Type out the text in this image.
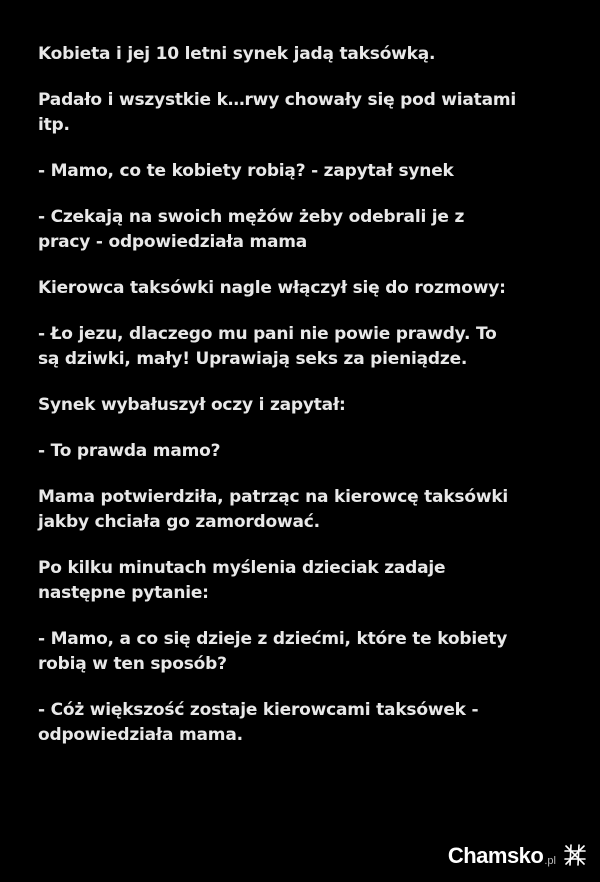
Kobieta i jej 10 letni synek jadą taksówką.

Padało i wszystkie k…rwy chowały się pod wiatami
itp.

- Mamo, co te kobiety robią? - zapytał synek

- Czekają na swoich mężów żeby odebrali je z
pracy - odpowiedziała mama

Kierowca taksówki nagle włączył się do rozmowy:

- Ło jezu, dlaczego mu pani nie powie prawdy. To
są dziwki, mały! Uprawiają seks za pieniądze.

Synek wybałuszył oczy i zapytał:

- To prawda mamo?

Mama potwierdziła, patrząc na kierowcę taksówki
jakby chciała go zamordować.

Po kilku minutach myślenia dzieciak zadaje
następne pytanie:

- Mamo, a co się dzieje z dziećmi, które te kobiety
robią w ten sposób?

- Cóż większość zostaje kierowcami taksówek -
odpowiedziała mama.

Chamsko .pl
